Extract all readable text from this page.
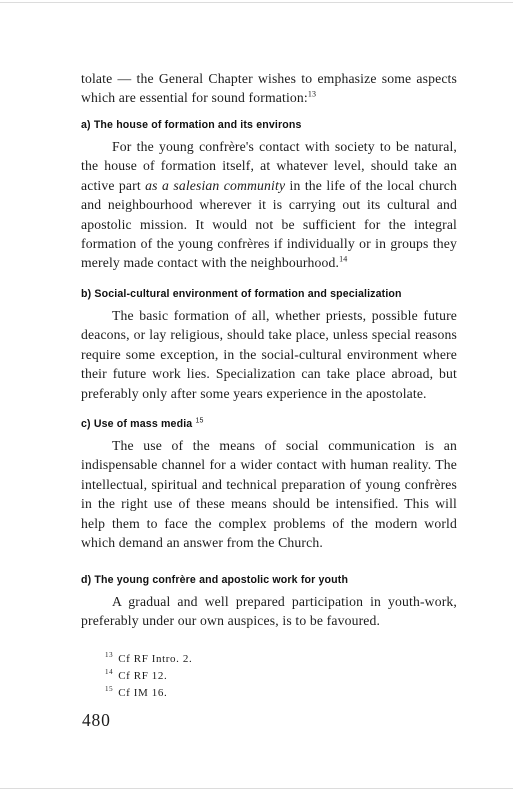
tolate — the General Chapter wishes to emphasize some aspects which are essential for sound formation:$^{13}$

a) The house of formation and its environs

For the young confrère's contact with society to be natural, the house of formation itself, at whatever level, should take an active part as a salesian community in the life of the local church and neighbourhood wherever it is carrying out its cultural and apostolic mission. It would not be sufficient for the integral formation of the young confrères if individually or in groups they merely made contact with the neighbourhood.$^{14}$

b) Social-cultural environment of formation and specialization

The basic formation of all, whether priests, possible future deacons, or lay religious, should take place, unless special reasons require some exception, in the social-cultural environment where their future work lies. Specialization can take place abroad, but preferably only after some years experience in the apostolate.

c) Use of mass media $^{15}$

The use of the means of social communication is an indispensable channel for a wider contact with human reality. The intellectual, spiritual and technical preparation of young confrères in the right use of these means should be intensified. This will help them to face the complex problems of the modern world which demand an answer from the Church.

d) The young confrère and apostolic work for youth

A gradual and well prepared participation in youth-work, preferably under our own auspices, is to be favoured.

$^{13}$ Cf RF Intro. 2.
$^{14}$ Cf RF 12.
$^{15}$ Cf IM 16.
480
